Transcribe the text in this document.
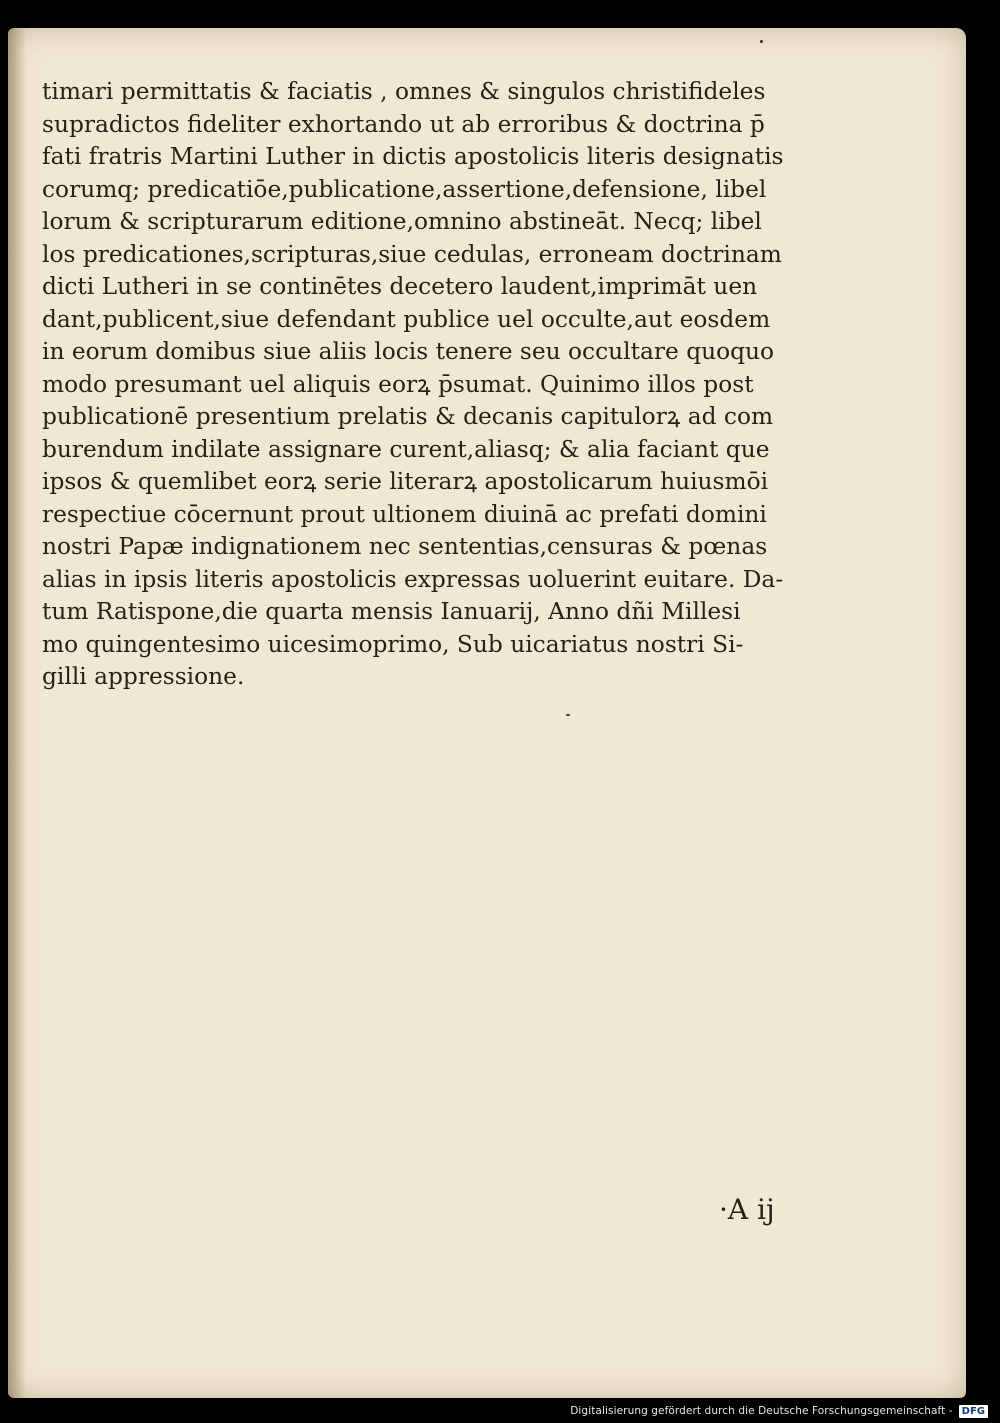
timari permittatis & faciatis , omnes & singulos christifideles
supradictos fideliter exhortando ut ab erroribus & doctrina p̄
fati fratris Martini Luther in dictis apostolicis literis designatis
corumq; predicatiōe,publicatione,assertione,defensione, libel
lorum & scripturarum editione,omnino abstineāt. Necq; libel
los predicationes,scripturas,siue cedulas, erroneam doctrinam
dicti Lutheri in se continētes decetero laudent,imprimāt uen
dant,publicent,siue defendant publice uel occulte,aut eosdem
in eorum domibus siue aliis locis tenere seu occultare quoquo
modo presumant uel aliquis eorꝝ p̄sumat. Quinimo illos post
publicationē presentium prelatis & decanis capitulorꝝ ad com
burendum indilate assignare curent,aliasq; & alia faciant que
ipsos & quemlibet eorꝝ serie literarꝝ apostolicarum huiusmōi
respectiue cōcernunt prout ultionem diuinā ac prefati domini
nostri Papæ indignationem nec sententias,censuras & pœnas
alias in ipsis literis apostolicis expressas uoluerint euitare. Da-
tum Ratispone,die quarta mensis Ianuarij, Anno dñi Millesi
mo quingentesimo uicesimoprimo, Sub uicariatus nostri Si-
gilli appressione.
·A ij
Digitalisierung gefördert durch die Deutsche Forschungsgemeinschaft - DFG
